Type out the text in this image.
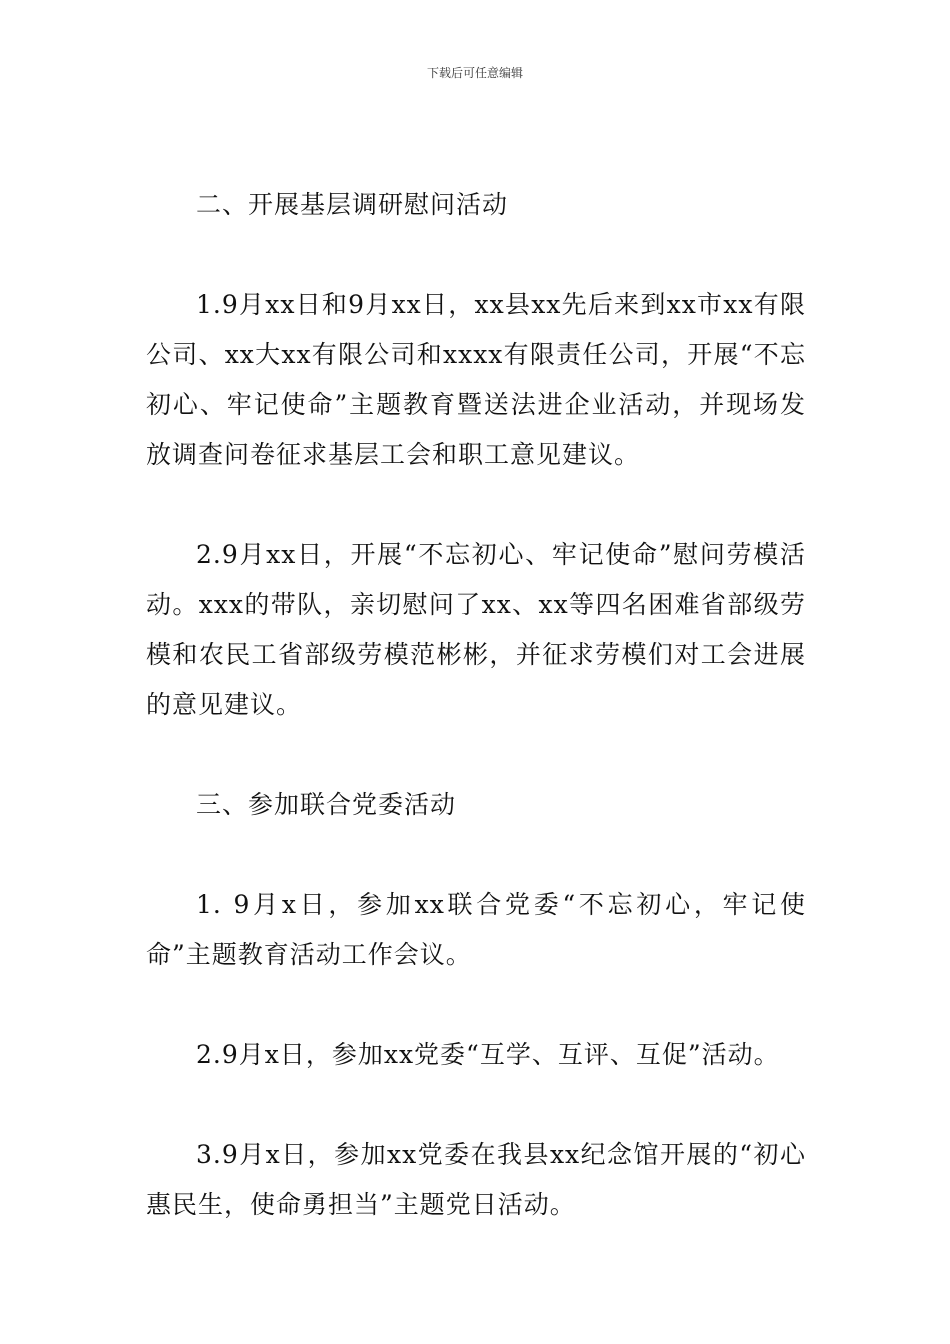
下载后可任意编辑

二、开展基层调研慰问活动

1.9月xx日和9月xx日，xx县xx先后来到xx市xx有限公司、xx大xx有限公司和xxxx有限责任公司，开展“不忘初心、牢记使命”主题教育暨送法进企业活动，并现场发放调查问卷征求基层工会和职工意见建议。

2.9月xx日，开展“不忘初心、牢记使命”慰问劳模活动。xxx的带队，亲切慰问了xx、xx等四名困难省部级劳模和农民工省部级劳模范彬彬，并征求劳模们对工会进展的意见建议。

三、参加联合党委活动

1. 9月x日，参加xx联合党委“不忘初心，牢记使命”主题教育活动工作会议。

2.9月x日，参加xx党委“互学、互评、互促”活动。

3.9月x日，参加xx党委在我县xx纪念馆开展的“初心惠民生，使命勇担当”主题党日活动。
